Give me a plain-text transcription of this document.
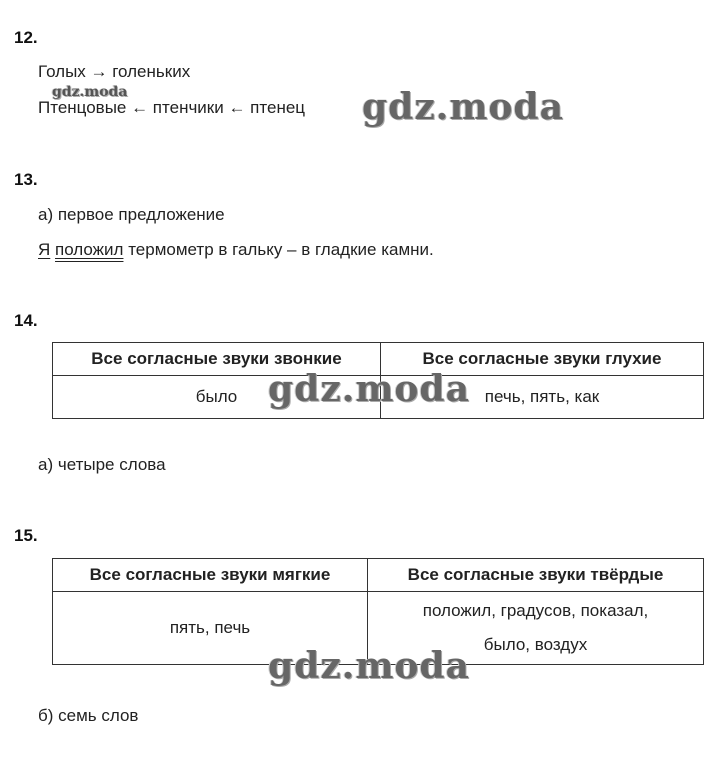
12.
Голых → голеньких
Птенцовые ← птенчики ← птенец
gdz.moda	gdz.moda
13.
а) первое предложение
Я положил термометр в гальку – в гладкие камни.
14.
Все согласные звуки звонкие	Все согласные звуки глухие
было	печь, пять, как
gdz.moda
а) четыре слова
15.
Все согласные звуки мягкие	Все согласные звуки твёрдые
пять, печь	положил, градусов, показал, было, воздух
gdz.moda
б) семь слов
